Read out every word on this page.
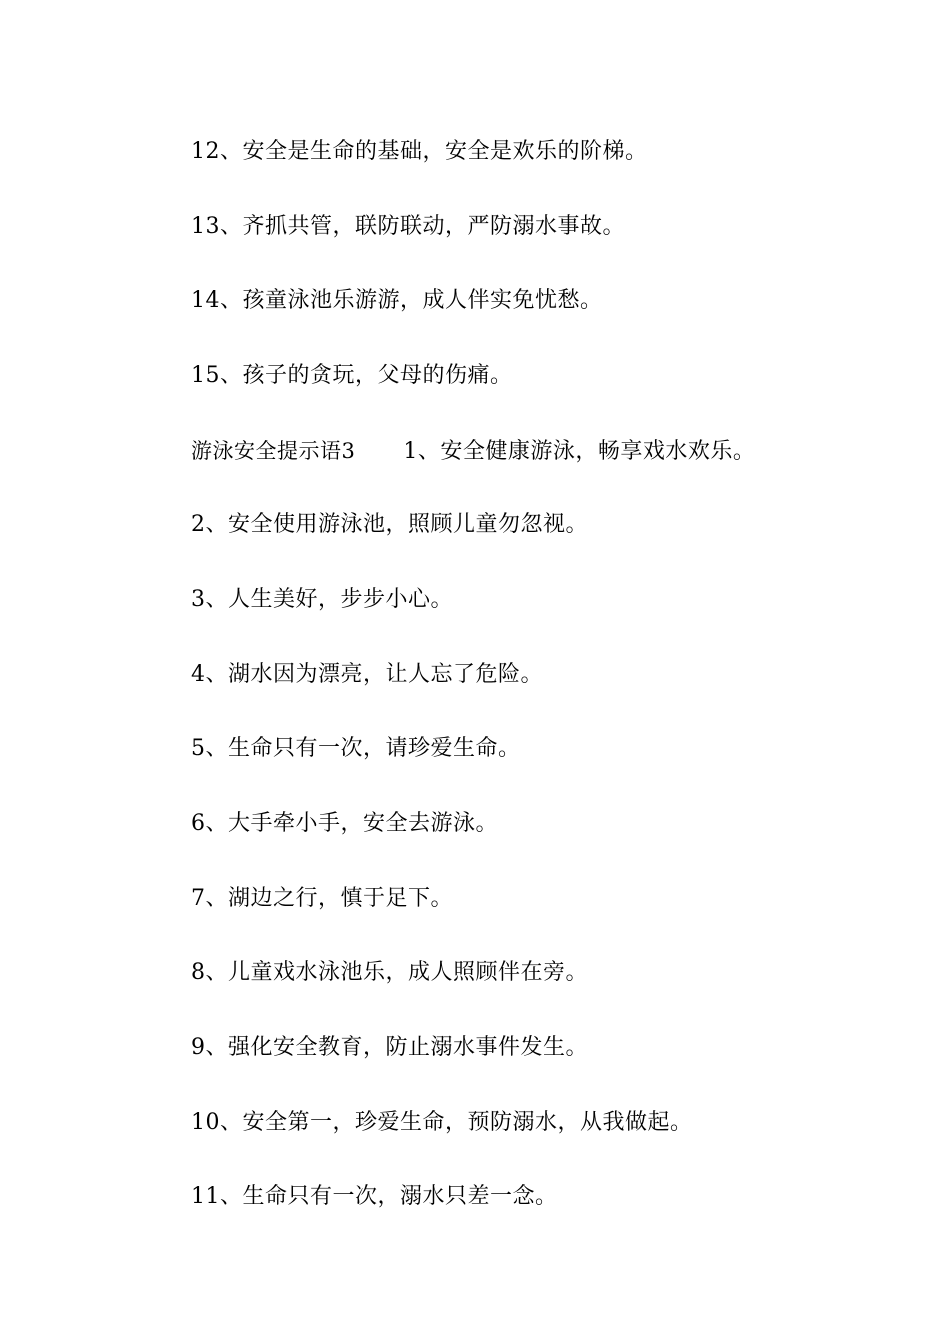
12、安全是生命的基础，安全是欢乐的阶梯。
13、齐抓共管，联防联动，严防溺水事故。
14、孩童泳池乐游游，成人伴实免忧愁。
15、孩子的贪玩，父母的伤痛。
游泳安全提示语3 1、安全健康游泳，畅享戏水欢乐。
2、安全使用游泳池，照顾儿童勿忽视。
3、人生美好，步步小心。
4、湖水因为漂亮，让人忘了危险。
5、生命只有一次，请珍爱生命。
6、大手牵小手，安全去游泳。
7、湖边之行，慎于足下。
8、儿童戏水泳池乐，成人照顾伴在旁。
9、强化安全教育，防止溺水事件发生。
10、安全第一，珍爱生命，预防溺水，从我做起。
11、生命只有一次，溺水只差一念。
